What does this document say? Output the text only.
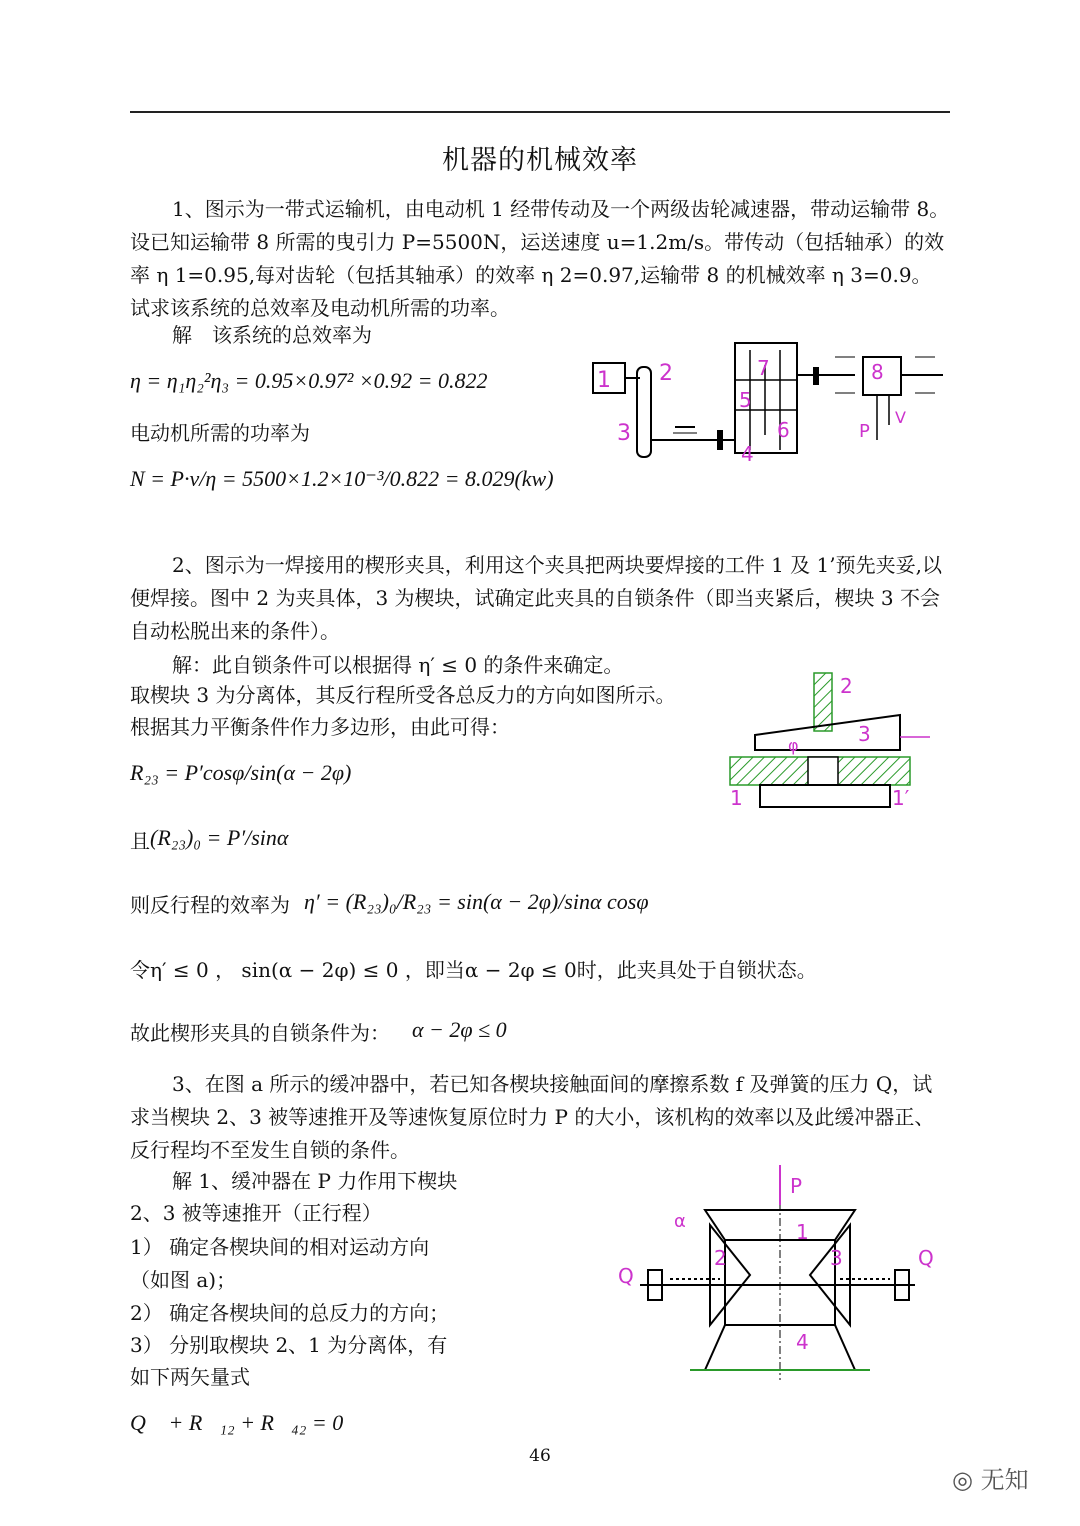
机器的机械效率
1、图示为一带式运输机，由电动机 1 经带传动及一个两级齿轮减速器，带动运输带 8。设已知运输带 8 所需的曳引力 P=5500N，运送速度 u=1.2m/s。带传动（包括轴承）的效率 η 1=0.95,每对齿轮（包括其轴承）的效率 η 2=0.97,运输带 8 的机械效率 η 3=0.9。试求该系统的总效率及电动机所需的功率。
解　该系统的总效率为
η = η₁η₂²η₃ = 0.95×0.97² ×0.92 = 0.822
电动机所需的功率为
N = P·v/η = 5500×1.2×10⁻³/0.822 = 8.029(kw)
1 2
3
4
5
6
7	8
P
V
2、图示为一焊接用的楔形夹具，利用这个夹具把两块要焊接的工件 1 及 1’预先夹妥,以便焊接。图中 2 为夹具体，3 为楔块，试确定此夹具的自锁条件（即当夹紧后，楔块 3 不会自动松脱出来的条件）。
解：此自锁条件可以根据得 η′ ≤ 0 的条件来确定。
取楔块 3 为分离体，其反行程所受各总反力的方向如图所示。
根据其力平衡条件作力多边形，由此可得：
R₂₃ = P′cosφ/sin(α − 2φ)
且 (R₂₃)₀ = P′/sinα
则反行程的效率为 η′ = (R₂₃)₀/R₂₃ = sin(α − 2φ)/sinα cosφ
令η′ ≤ 0 ， sin(α − 2φ) ≤ 0 ，即当α − 2φ ≤ 0时，此夹具处于自锁状态。
故此楔形夹具的自锁条件为： α − 2φ ≤ 0
2
3
φ
1	1′
3、在图 a 所示的缓冲器中，若已知各楔块接触面间的摩擦系数 f 及弹簧的压力 Q，试求当楔块 2、3 被等速推开及等速恢复原位时力 P 的大小，该机构的效率以及此缓冲器正、反行程均不至发生自锁的条件。
解 1、缓冲器在 P 力作用下楔块
2、3 被等速推开（正行程）
1） 确定各楔块间的相对运动方向
（如图 a)；
2） 确定各楔块间的总反力的方向；
3） 分别取楔块 2、1 为分离体，有
如下两矢量式
Q⃗ + R⃗₁₂ + R⃗₄₂ = 0
P
α	1
2	3
4
Q
Q
46
◎ 无知
